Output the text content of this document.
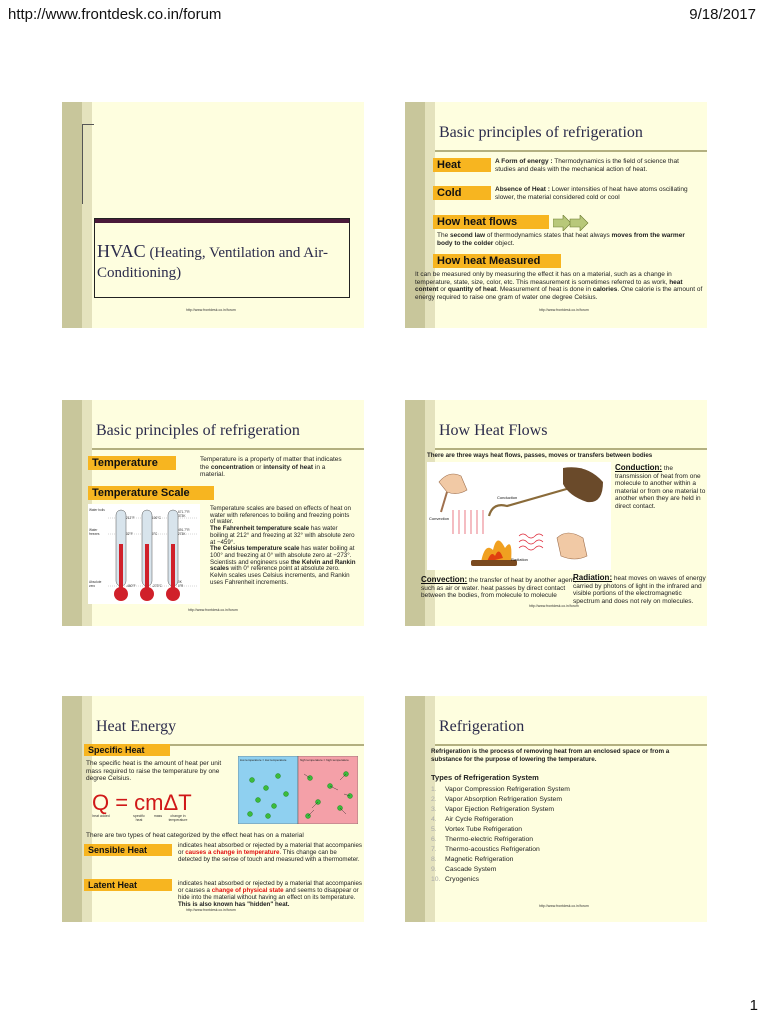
http://www.frontdesk.co.in/forum	9/18/2017
HVAC (Heating, Ventilation and Air-Conditioning)
http://www.frontdesk.co.in/forum
Basic principles of refrigeration
Heat	A Form of energy : Thermodynamics is the field of science that studies and deals with the mechanical action of heat.
Cold	Absence of Heat : Lower intensities of heat have atoms oscillating slower, the material considered cold or cool
How heat flows
The second law of thermodynamics states that heat always moves from the warmer body to the colder object.
How heat Measured
It can be measured only by measuring the effect it has on a material, such as a change in temperature, state, size, color, etc. This measurement is sometimes referred to as work, heat content or quantity of heat. Measurement of heat is done in calories. One calorie is the amount of energy required to raise one gram of water one degree Celsius.
http://www.frontdesk.co.in/forum
Basic principles of refrigeration
Temperature	Temperature is a property of matter that indicates the concentration or intensity of heat in a material.
Temperature Scale
Water boils
Water freezes
Absolute zero
212°F
32°F
-460°F
100°C
0°C
-273°C
671.7°R
373K
491.7°R
273K
0K
0°R
Temperature scales are based on effects of heat on water with references to boiling and freezing points of water.
The Fahrenheit temperature scale has water boiling at 212° and freezing at 32° with absolute zero at −459°.
The Celsius temperature scale has water boiling at 100° and freezing at 0° with absolute zero at −273°.
Scientists and engineers use the Kelvin and Rankin scales with 0° reference point at absolute zero. Kelvin scales uses Celsius increments, and Rankin uses Fahrenheit increments.
http://www.frontdesk.co.in/forum
How Heat Flows
There are three ways heat flows, passes, moves or transfers between bodies
Conduction
Convection
Radiation
Conduction: the transmission of heat from one molecule to another within a material or from one material to another when they are held in direct contact.
Convection: the transfer of heat by another agent, such as air or water. heat passes by direct contact between the bodies, from molecule to molecule
Radiation: heat moves on waves of energy carried by photons of light in the infrared and visible portions of the electromagnetic spectrum and does not rely on molecules.
http://www.frontdesk.co.in/forum
Heat Energy
Specific Heat
The specific heat is the amount of heat per unit mass required to raise the temperature by one degree Celsius.
Q = cmΔT
heat added	specific heat
mass	change in temperature
low temperature = low temperature	high temperature = high temperature
There are two types of heat categorized by the effect heat has on a material
Sensible Heat	indicates heat absorbed or rejected by a material that accompanies or causes a change in temperature. This change can be detected by the sense of touch and measured with a thermometer.
Latent Heat	indicates heat absorbed or rejected by a material that accompanies or causes a change of physical state and seems to disappear or hide into the material without having an effect on its temperature. This is also known has "hidden" heat.
http://www.frontdesk.co.in/forum
Refrigeration
Refrigeration is the process of removing heat from an enclosed space or from a substance for the purpose of lowering the temperature.
Types of Refrigeration System
1. Vapor Compression Refrigeration System
2. Vapor Absorption Refrigeration System
3. Vapor Ejection Refrigeration System
4. Air Cycle Refrigeration
5. Vortex Tube Refrigeration
6. Thermo-electric Refrigeration
7. Thermo-acoustics Refrigeration
8. Magnetic Refrigeration
9. Cascade System
10. Cryogenics
http://www.frontdesk.co.in/forum
1
